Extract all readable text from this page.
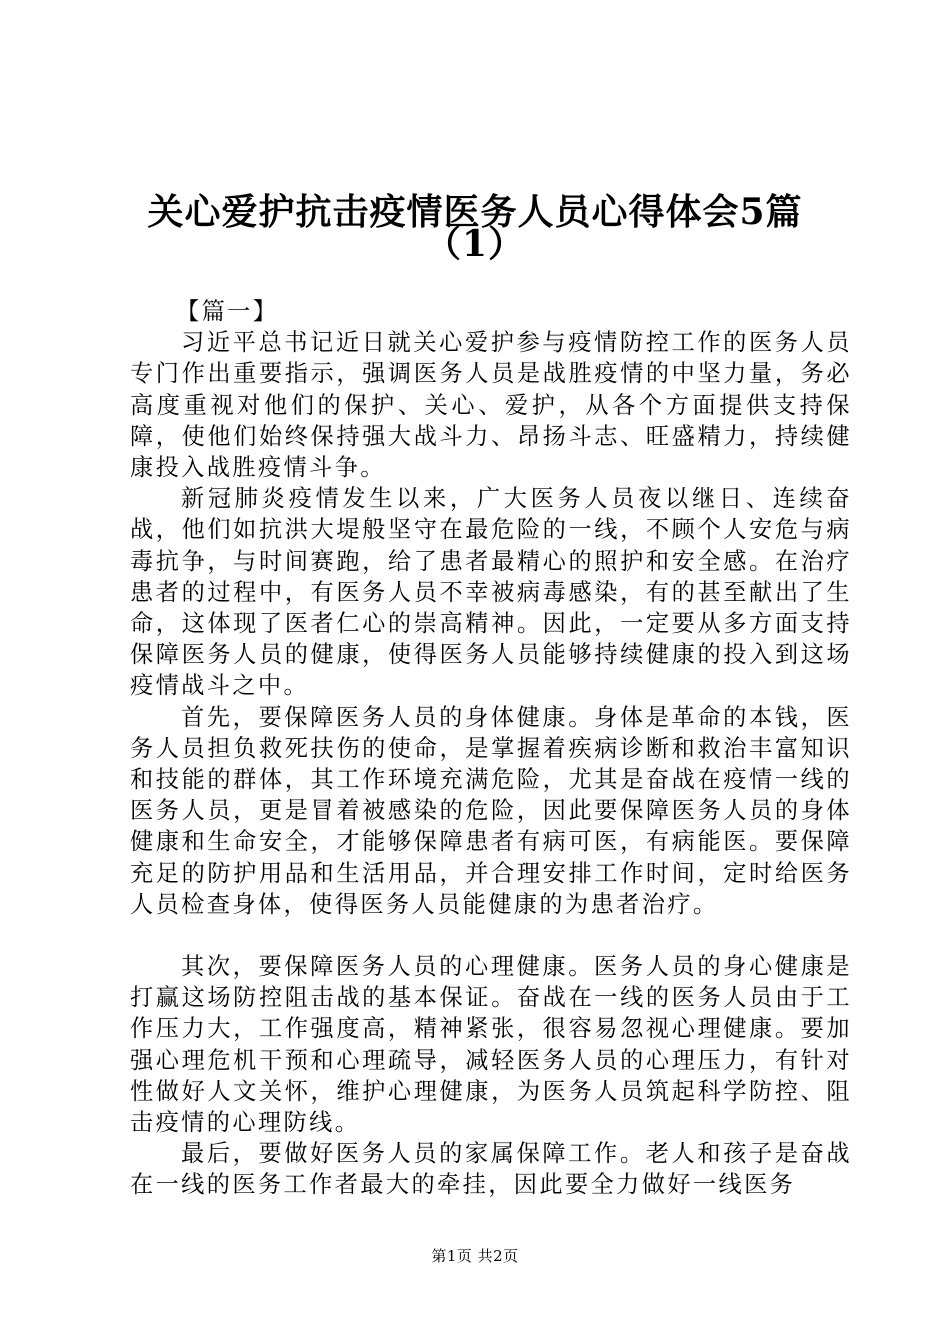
关心爱护抗击疫情医务人员心得体会5篇
（1）

【篇一】

习近平总书记近日就关心爱护参与疫情防控工作的医务人员专门作出重要指示，强调医务人员是战胜疫情的中坚力量，务必高度重视对他们的保护、关心、爱护，从各个方面提供支持保障，使他们始终保持强大战斗力、昂扬斗志、旺盛精力，持续健康投入战胜疫情斗争。

新冠肺炎疫情发生以来，广大医务人员夜以继日、连续奋战，他们如抗洪大堤般坚守在最危险的一线，不顾个人安危与病毒抗争，与时间赛跑，给了患者最精心的照护和安全感。在治疗患者的过程中，有医务人员不幸被病毒感染，有的甚至献出了生命，这体现了医者仁心的崇高精神。因此，一定要从多方面支持保障医务人员的健康，使得医务人员能够持续健康的投入到这场疫情战斗之中。

首先，要保障医务人员的身体健康。身体是革命的本钱，医务人员担负救死扶伤的使命，是掌握着疾病诊断和救治丰富知识和技能的群体，其工作环境充满危险，尤其是奋战在疫情一线的医务人员，更是冒着被感染的危险，因此要保障医务人员的身体健康和生命安全，才能够保障患者有病可医，有病能医。要保障充足的防护用品和生活用品，并合理安排工作时间，定时给医务人员检查身体，使得医务人员能健康的为患者治疗。

其次，要保障医务人员的心理健康。医务人员的身心健康是打赢这场防控阻击战的基本保证。奋战在一线的医务人员由于工作压力大，工作强度高，精神紧张，很容易忽视心理健康。要加强心理危机干预和心理疏导，减轻医务人员的心理压力，有针对性做好人文关怀，维护心理健康，为医务人员筑起科学防控、阻击疫情的心理防线。

最后，要做好医务人员的家属保障工作。老人和孩子是奋战在一线的医务工作者最大的牵挂，因此要全力做好一线医务

第1页 共2页
